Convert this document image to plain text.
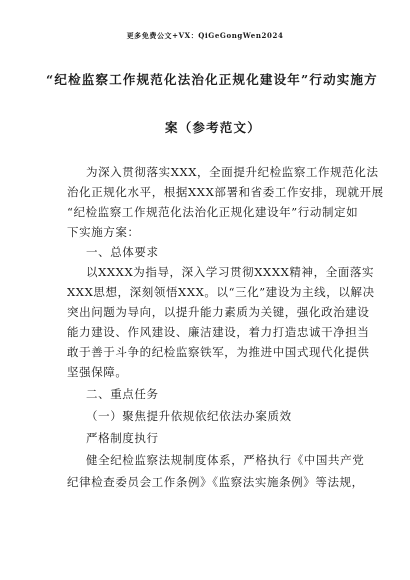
更多免费公文+VX：QiGeGongWen2024

“纪检监察工作规范化法治化正规化建设年”行动实施方

案（参考范文）

为深入贯彻落实XXX，全面提升纪检监察工作规范化法

治化正规化水平，根据XXX部署和省委工作安排，现就开展

“纪检监察工作规范化法治化正规化建设年”行动制定如

下实施方案：

一、总体要求

以XXXX为指导，深入学习贯彻XXXX精神，全面落实

XXX思想，深刻领悟XXX。以“三化”建设为主线，以解决

突出问题为导向，以提升能力素质为关键，强化政治建设

能力建设、作风建设、廉洁建设，着力打造忠诚干净担当

敢于善于斗争的纪检监察铁军，为推进中国式现代化提供

坚强保障。

二、重点任务

（一）聚焦提升依规依纪依法办案质效

严格制度执行

健全纪检监察法规制度体系，严格执行《中国共产党

纪律检查委员会工作条例》《监察法实施条例》等法规，
